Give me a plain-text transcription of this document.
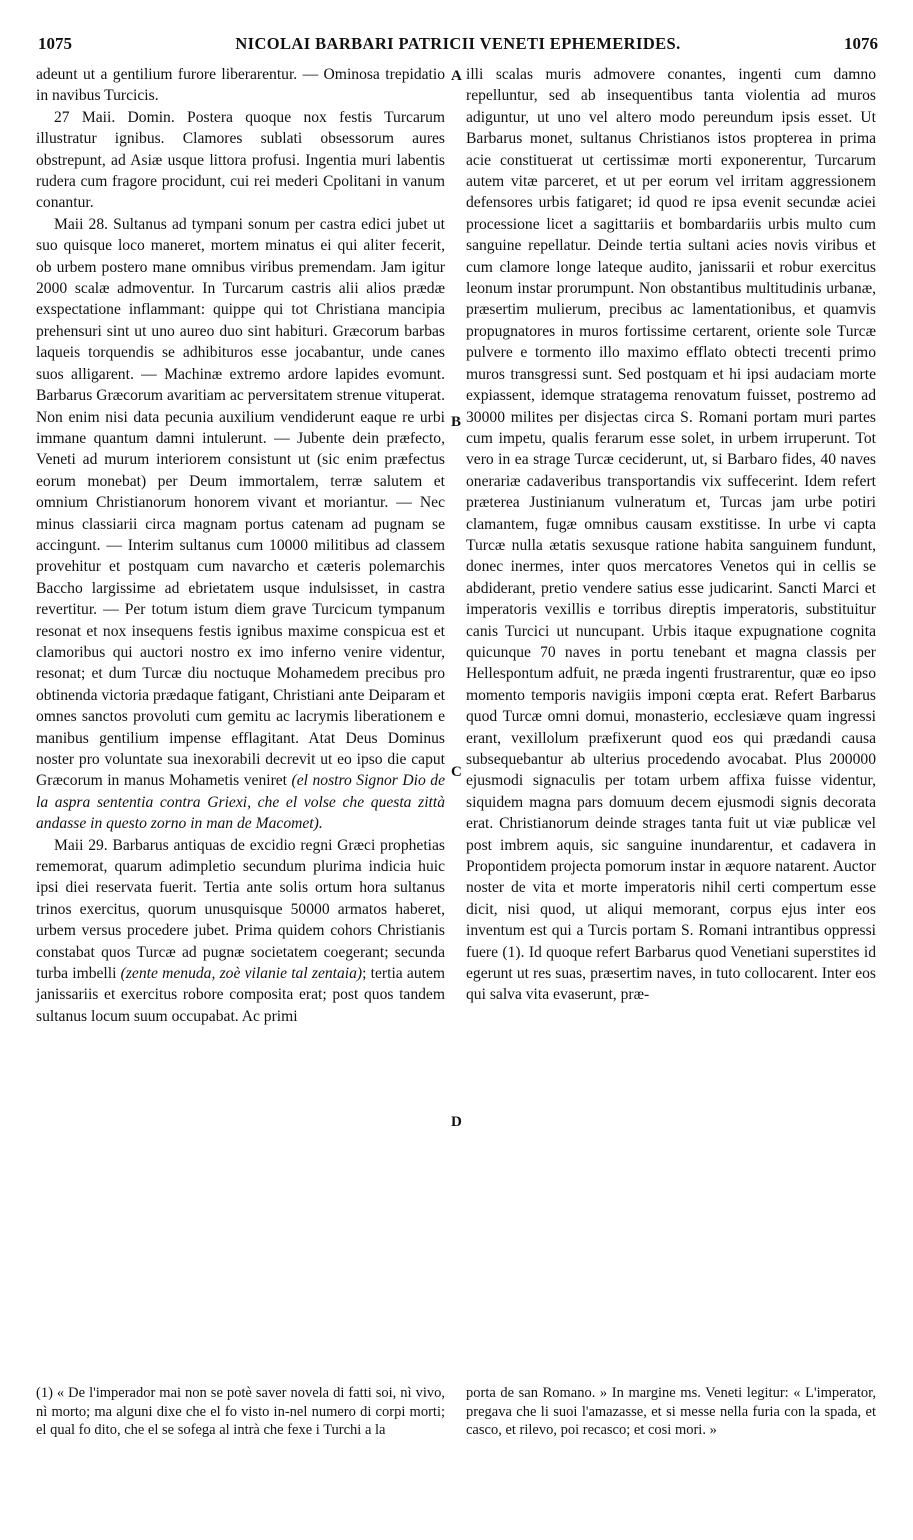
1075	NICOLAI BARBARI PATRICII VENETI EPHEMERIDES.	1076

adeunt ut a gentilium furore liberarentur. — Ominosa trepidatio in navibus Turcicis.

27 Maii. Domin. Postera quoque nox festis Turcarum illustratur ignibus. Clamores sublati obsessorum aures obstrepunt, ad Asiæ usque littora profusi. Ingentia muri labentis rudera cum fragore procidunt, cui rei mederi Cpolitani in vanum conantur.

Maii 28. Sultanus ad tympani sonum per castra edici jubet ut suo quisque loco maneret, mortem minatus ei qui aliter fecerit, ob urbem postero mane omnibus viribus premendam. Jam igitur 2000 scalæ admoventur. In Turcarum castris alii alios prædæ exspectatione inflammant: quippe qui tot Christiana mancipia prehensuri sint ut uno aureo duo sint habituri. Græcorum barbas laqueis torquendis se adhibituros esse jocabantur, unde canes suos alligarent. — Machinæ extremo ardore lapides evomunt. Barbarus Græcorum avaritiam ac perversitatem strenue vituperat. Non enim nisi data pecunia auxilium vendiderunt eaque re urbi immane quantum damni intulerunt. — Jubente dein præfecto, Veneti ad murum interiorem consistunt ut (sic enim præfectus eorum monebat) per Deum immortalem, terræ salutem et omnium Christianorum honorem vivant et moriantur. — Nec minus classiarii circa magnam portus catenam ad pugnam se accingunt. — Interim sultanus cum 10000 militibus ad classem provehitur et postquam cum navarcho et cæteris polemarchis Baccho largissime ad ebrietatem usque indulsisset, in castra revertitur. — Per totum istum diem grave Turcicum tympanum resonat et nox insequens festis ignibus maxime conspicua est et clamoribus qui auctori nostro ex imo inferno venire videntur, resonat; et dum Turcæ diu noctuque Mohamedem precibus pro obtinenda victoria prædaque fatigant, Christiani ante Deiparam et omnes sanctos provoluti cum gemitu ac lacrymis liberationem e manibus gentilium impense efflagitant. Atat Deus Dominus noster pro voluntate sua inexorabili decrevit ut eo ipso die caput Græcorum in manus Mohametis veniret (el nostro Signor Dio de la aspra sententia contra Griexi, che el volse che questa zittà andasse in questo zorno in man de Macomet).

Maii 29. Barbarus antiquas de excidio regni Græci prophetias rememorat, quarum adimpletio secundum plurima indicia huic ipsi diei reservata fuerit. Tertia ante solis ortum hora sultanus trinos exercitus, quorum unusquisque 50000 armatos haberet, urbem versus procedere jubet. Prima quidem cohors Christianis constabat quos Turcæ ad pugnæ societatem coegerant; secunda turba imbelli (zente menuda, zoè vilanie tal zentaia); tertia autem janissariis et exercitus robore composita erat; post quos tandem sultanus locum suum occupabat. Ac primi

A
B
C
D

illi scalas muris admovere conantes, ingenti cum damno repelluntur, sed ab insequentibus tanta violentia ad muros adiguntur, ut uno vel altero modo pereundum ipsis esset. Ut Barbarus monet, sultanus Christianos istos propterea in prima acie constituerat ut certissimæ morti exponerentur, Turcarum autem vitæ parceret, et ut per eorum vel irritam aggressionem defensores urbis fatigaret; id quod re ipsa evenit secundæ aciei processione licet a sagittariis et bombardariis urbis multo cum sanguine repellatur. Deinde tertia sultani acies novis viribus et cum clamore longe lateque audito, janissarii et robur exercitus leonum instar prorumpunt. Non obstantibus multitudinis urbanæ, præsertim mulierum, precibus ac lamentationibus, et quamvis propugnatores in muros fortissime certarent, oriente sole Turcæ pulvere e tormento illo maximo efflato obtecti trecenti primo muros transgressi sunt. Sed postquam et hi ipsi audaciam morte expiassent, idemque stratagema renovatum fuisset, postremo ad 30000 milites per disjectas circa S. Romani portam muri partes cum impetu, qualis ferarum esse solet, in urbem irruperunt. Tot vero in ea strage Turcæ ceciderunt, ut, si Barbaro fides, 40 naves onerariæ cadaveribus transportandis vix suffecerint. Idem refert præterea Justinianum vulneratum et, Turcas jam urbe potiri clamantem, fugæ omnibus causam exstitisse. In urbe vi capta Turcæ nulla ætatis sexusque ratione habita sanguinem fundunt, donec inermes, inter quos mercatores Venetos qui in cellis se abdiderant, pretio vendere satius esse judicarint. Sancti Marci et imperatoris vexillis e torribus direptis imperatoris, substituitur canis Turcici ut nuncupant. Urbis itaque expugnatione cognita quicunque 70 naves in portu tenebant et magna classis per Hellespontum adfuit, ne præda ingenti frustrarentur, quæ eo ipso momento temporis navigiis imponi cœpta erat. Refert Barbarus quod Turcæ omni domui, monasterio, ecclesiæve quam ingressi erant, vexillolum præfixerunt quod eos qui prædandi causa subsequebantur ab ulterius procedendo avocabat. Plus 200000 ejusmodi signaculis per totam urbem affixa fuisse videntur, siquidem magna pars domuum decem ejusmodi signis decorata erat. Christianorum deinde strages tanta fuit ut viæ publicæ vel post imbrem aquis, sic sanguine inundarentur, et cadavera in Propontidem projecta pomorum instar in æquore natarent. Auctor noster de vita et morte imperatoris nihil certi compertum esse dicit, nisi quod, ut aliqui memorant, corpus ejus inter eos inventum est qui a Turcis portam S. Romani intrantibus oppressi fuere (1). Id quoque refert Barbarus quod Venetiani superstites id egerunt ut res suas, præsertim naves, in tuto collocarent. Inter eos qui salva vita evaserunt, præ-

(1) « De l'imperador mai non se potè saver novela di fatti soi, nì vivo, nì morto; ma alguni dixe che el fo visto in-nel numero di corpi morti; el qual fo dito, che el se sofega al intrà che fexe i Turchi a la
porta de san Romano. » In margine ms. Veneti legitur: « L'imperator, pregava che li suoi l'amazasse, et si messe nella furia con la spada, et casco, et rilevo, poi recasco; et cosi mori. »
